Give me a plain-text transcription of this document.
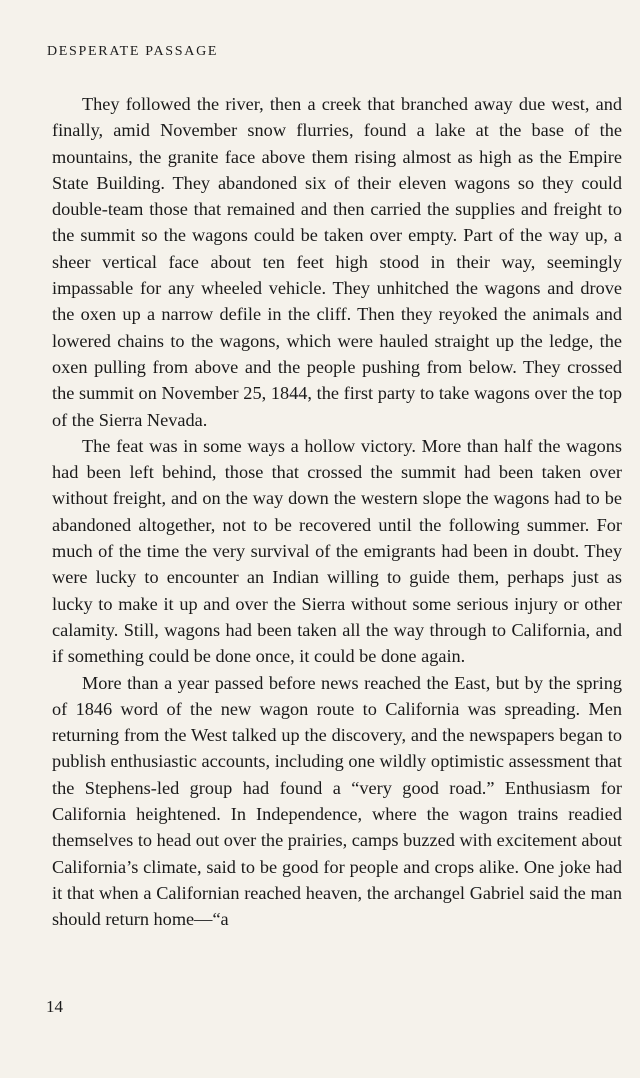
DESPERATE PASSAGE

They followed the river, then a creek that branched away due west, and finally, amid November snow flurries, found a lake at the base of the mountains, the granite face above them rising almost as high as the Empire State Building. They abandoned six of their eleven wagons so they could double-team those that remained and then carried the supplies and freight to the summit so the wagons could be taken over empty. Part of the way up, a sheer vertical face about ten feet high stood in their way, seemingly impassable for any wheeled vehicle. They unhitched the wagons and drove the oxen up a narrow defile in the cliff. Then they reyoked the animals and lowered chains to the wagons, which were hauled straight up the ledge, the oxen pulling from above and the people pushing from below. They crossed the summit on November 25, 1844, the first party to take wagons over the top of the Sierra Nevada.

The feat was in some ways a hollow victory. More than half the wagons had been left behind, those that crossed the summit had been taken over without freight, and on the way down the western slope the wagons had to be abandoned altogether, not to be recovered until the following summer. For much of the time the very survival of the emigrants had been in doubt. They were lucky to encounter an Indian willing to guide them, perhaps just as lucky to make it up and over the Sierra without some serious injury or other calamity. Still, wagons had been taken all the way through to California, and if something could be done once, it could be done again.

More than a year passed before news reached the East, but by the spring of 1846 word of the new wagon route to California was spreading. Men returning from the West talked up the discovery, and the newspapers began to publish enthusiastic accounts, including one wildly optimistic assessment that the Stephens-led group had found a “very good road.” Enthusiasm for California heightened. In Independence, where the wagon trains readied themselves to head out over the prairies, camps buzzed with excitement about California’s climate, said to be good for people and crops alike. One joke had it that when a Californian reached heaven, the archangel Gabriel said the man should return home—“a

14
